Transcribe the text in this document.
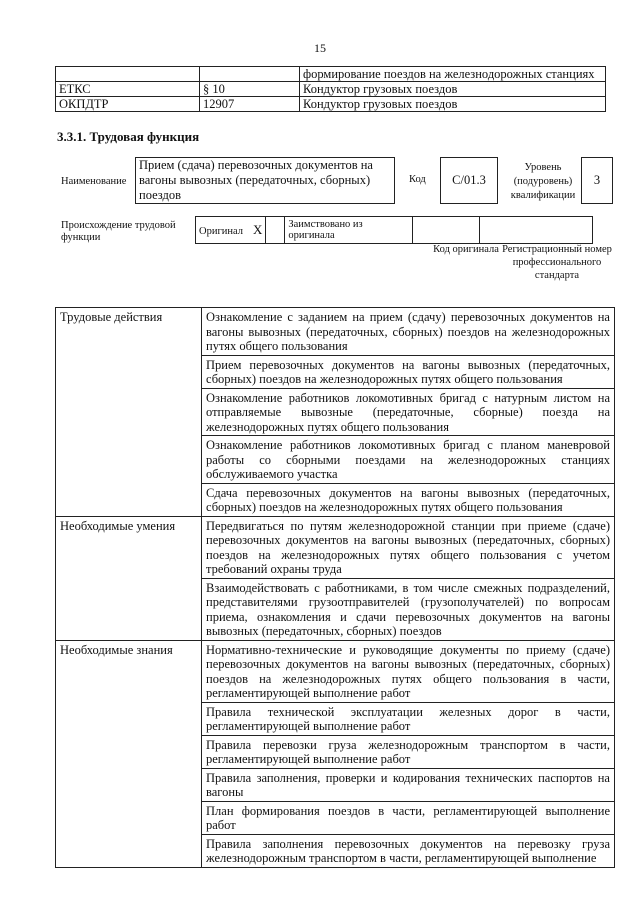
15
		формирование поездов на железнодорожных станциях
ЕТКС	§ 10	Кондуктор грузовых поездов
ОКПДТР	12907	Кондуктор грузовых поездов
3.3.1. Трудовая функция
Наименование
Прием (сдача) перевозочных документов на вагоны вывозных (передаточных, сборных) поездов
Код	С/01.3
Уровень (подуровень) квалификации
3
Происхождение трудовой функции
Оригинал X		Заимствовано из оригинала		
Код оригинала Регистрационный номер профессионального стандарта
Трудовые действия	Ознакомление с заданием на прием (сдачу) перевозочных документов на вагоны вывозных (передаточных, сборных) поездов на железнодорожных путях общего пользования
	Прием перевозочных документов на вагоны вывозных (передаточных, сборных) поездов на железнодорожных путях общего пользования
	Ознакомление работников локомотивных бригад с натурным листом на отправляемые вывозные (передаточные, сборные) поезда на железнодорожных путях общего пользования
	Ознакомление работников локомотивных бригад с планом маневровой работы со сборными поездами на железнодорожных станциях обслуживаемого участка
	Сдача перевозочных документов на вагоны вывозных (передаточных, сборных) поездов на железнодорожных путях общего пользования
Необходимые умения	Передвигаться по путям железнодорожной станции при приеме (сдаче) перевозочных документов на вагоны вывозных (передаточных, сборных) поездов на железнодорожных путях общего пользования с учетом требований охраны труда
	Взаимодействовать с работниками, в том числе смежных подразделений, представителями грузоотправителей (грузополучателей) по вопросам приема, ознакомления и сдачи перевозочных документов на вагоны вывозных (передаточных, сборных) поездов
Необходимые знания	Нормативно-технические и руководящие документы по приему (сдаче) перевозочных документов на вагоны вывозных (передаточных, сборных) поездов на железнодорожных путях общего пользования в части, регламентирующей выполнение работ
	Правила технической эксплуатации железных дорог в части, регламентирующей выполнение работ
	Правила перевозки груза железнодорожным транспортом в части, регламентирующей выполнение работ
	Правила заполнения, проверки и кодирования технических паспортов на вагоны
	План формирования поездов в части, регламентирующей выполнение работ
	Правила заполнения перевозочных документов на перевозку груза железнодорожным транспортом в части, регламентирующей выполнение
